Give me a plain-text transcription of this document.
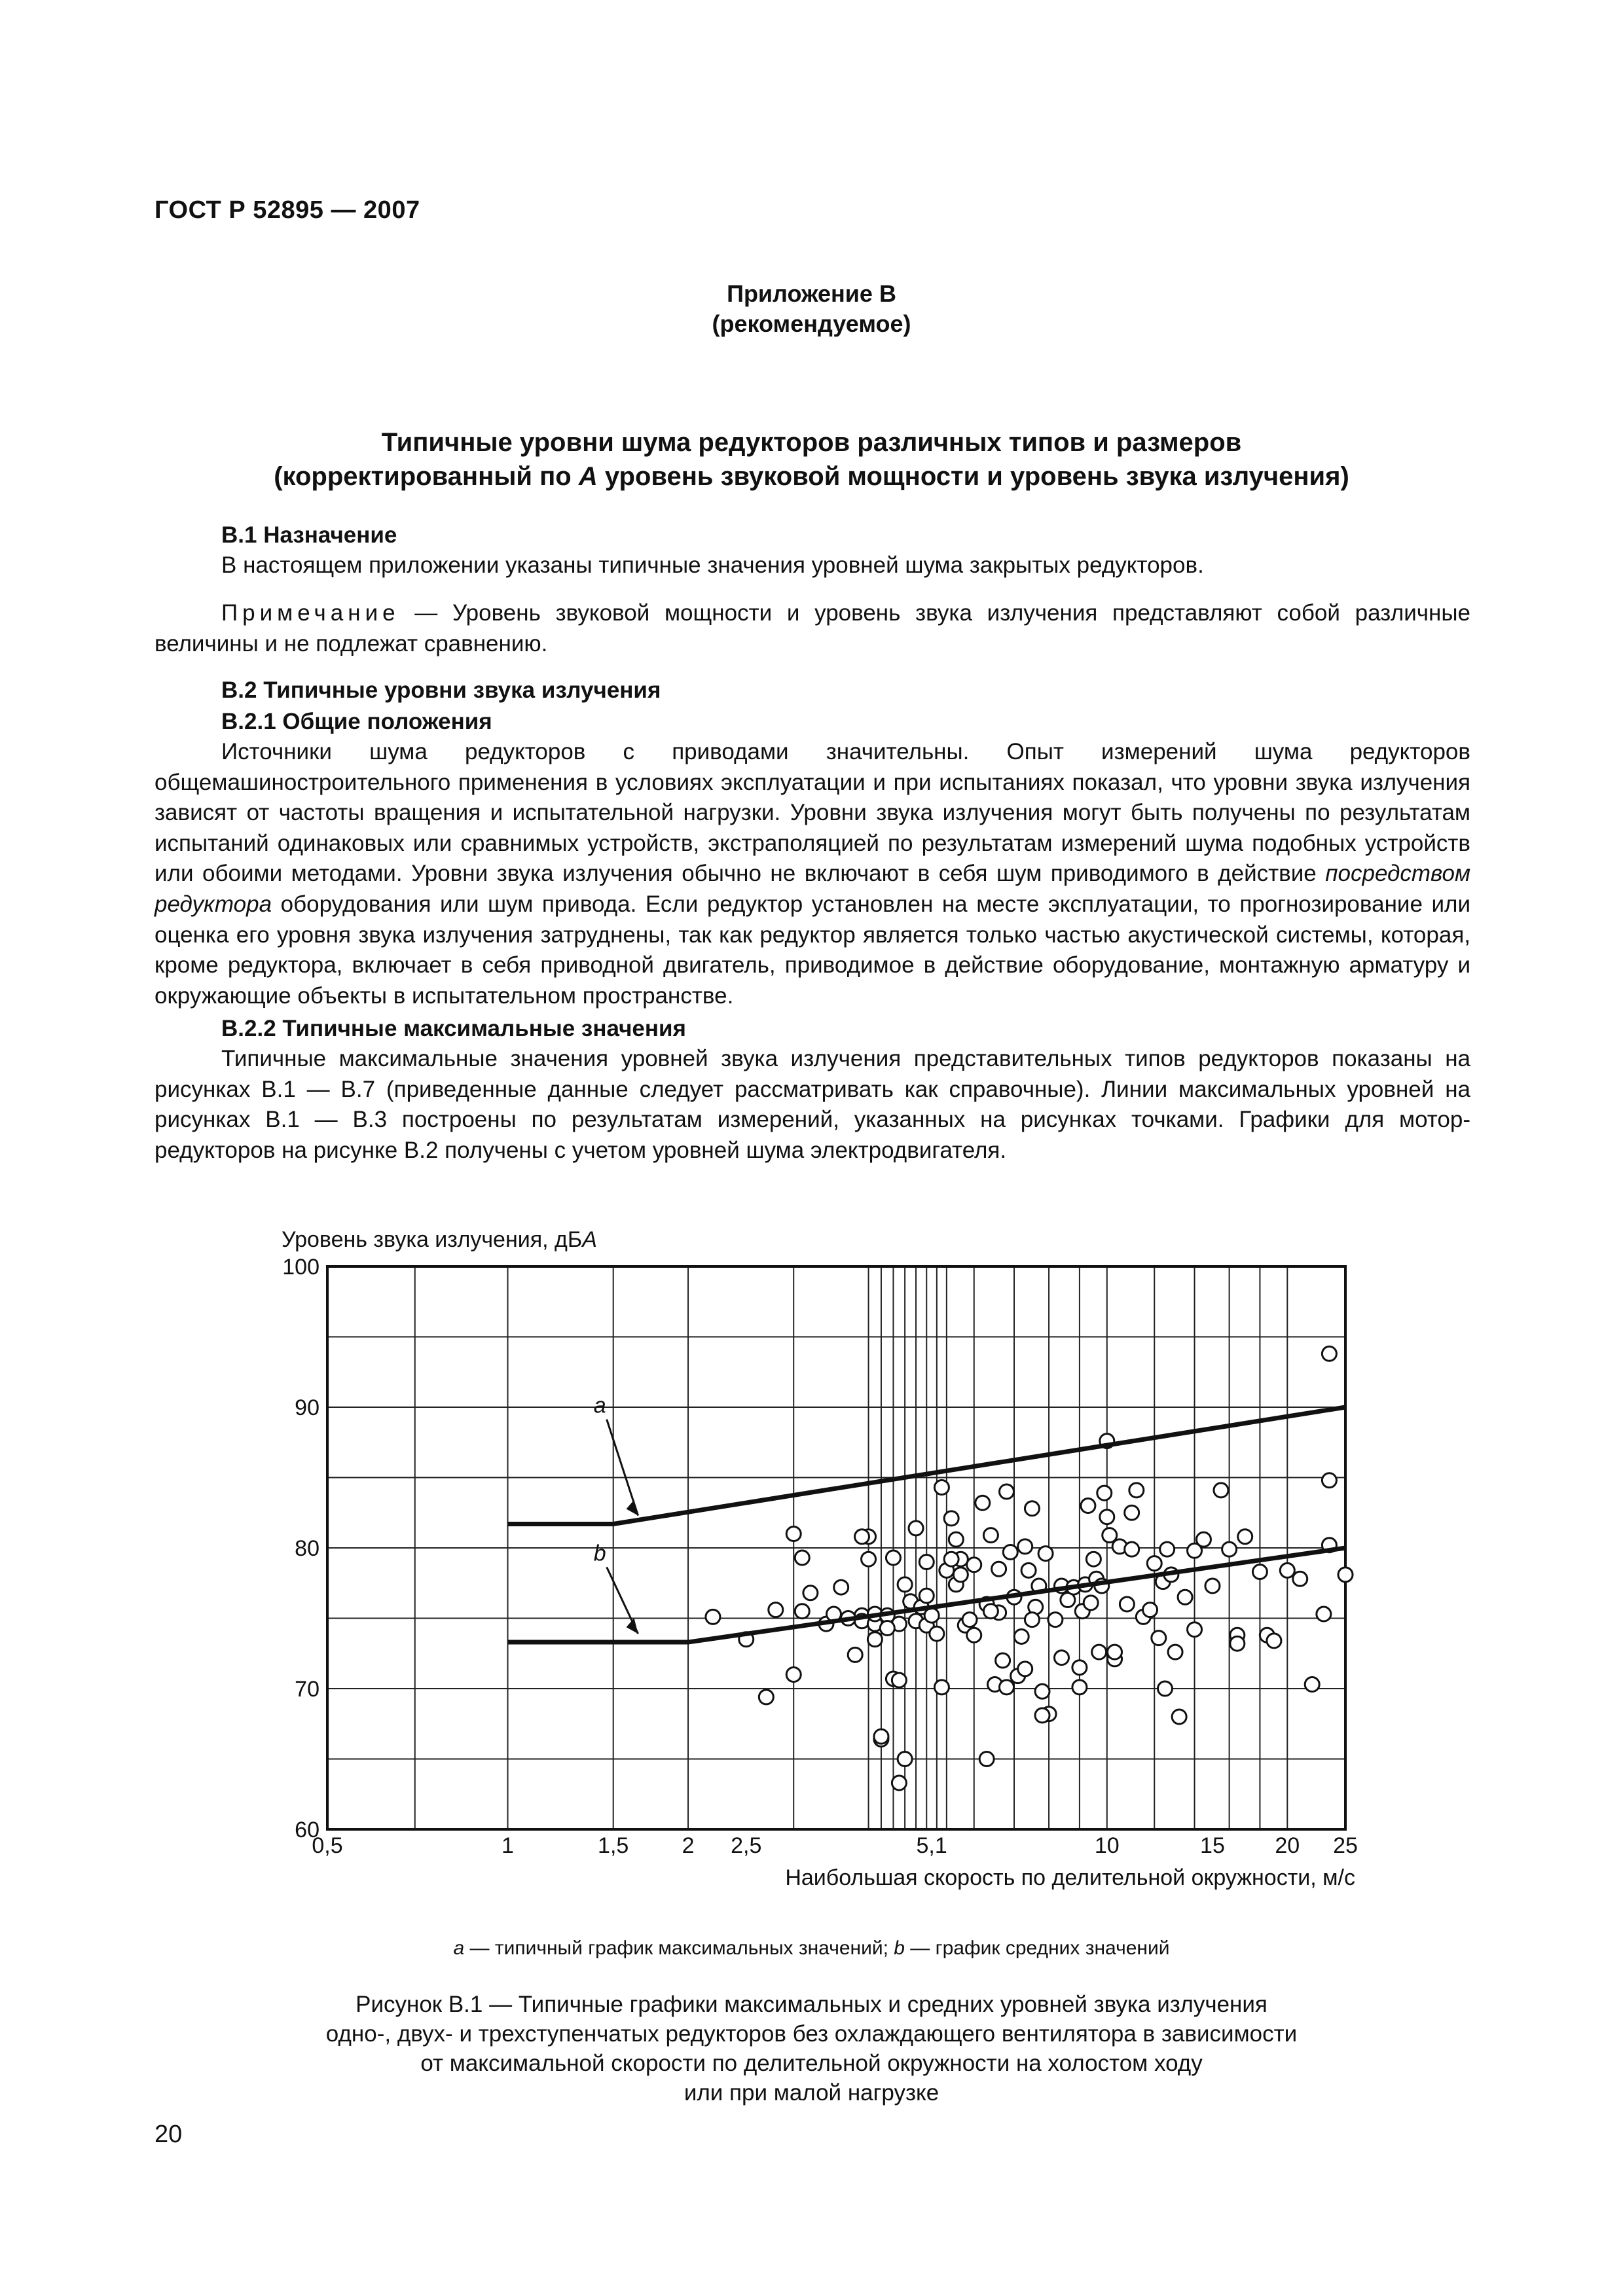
ГОСТ Р 52895 — 2007
Приложение В
(рекомендуемое)
Типичные уровни шума редукторов различных типов и размеров
(корректированный по А уровень звуковой мощности и уровень звука излучения)
В.1 Назначение

В настоящем приложении указаны типичные значения уровней шума закрытых редукторов.

Примечание — Уровень звуковой мощности и уровень звука излучения представляют собой различные величины и не подлежат сравнению.

В.2 Типичные уровни звука излучения
В.2.1 Общие положения

Источники шума редукторов с приводами значительны. Опыт измерений шума редукторов общемашиностроительного применения в условиях эксплуатации и при испытаниях показал, что уровни звука излучения зависят от частоты вращения и испытательной нагрузки. Уровни звука излучения могут быть получены по результатам испытаний одинаковых или сравнимых устройств, экстраполяцией по результатам измерений шума подобных устройств или обоими методами. Уровни звука излучения обычно не включают в себя шум приводимого в действие посредством редуктора оборудования или шум привода. Если редуктор установлен на месте эксплуатации, то прогнозирование или оценка его уровня звука излучения затруднены, так как редуктор является только частью акустической системы, которая, кроме редуктора, включает в себя приводной двигатель, приводимое в действие оборудование, монтажную арматуру и окружающие объекты в испытательном пространстве.

В.2.2 Типичные максимальные значения

Типичные максимальные значения уровней звука излучения представительных типов редукторов показаны на рисунках В.1 — В.7 (приведенные данные следует рассматривать как справочные). Линии максимальных уровней на рисунках В.1 — В.3 построены по результатам измерений, указанных на рисунках точками. Графики для мотор-редукторов на рисунке В.2 получены с учетом уровней шума электродвигателя.

Уровень звука излучения, дБА
60
70
80
90
100
0,5	1	1,5 2 2,5	5,1	10	15 20 25
а
b
Наибольшая скорость по делительной окружности, м/с
а — типичный график максимальных значений; b — график средних значений
Рисунок В.1 — Типичные графики максимальных и средних уровней звука излучения
одно-, двух- и трехступенчатых редукторов без охлаждающего вентилятора в зависимости
от максимальной скорости по делительной окружности на холостом ходу
или при малой нагрузке
20
